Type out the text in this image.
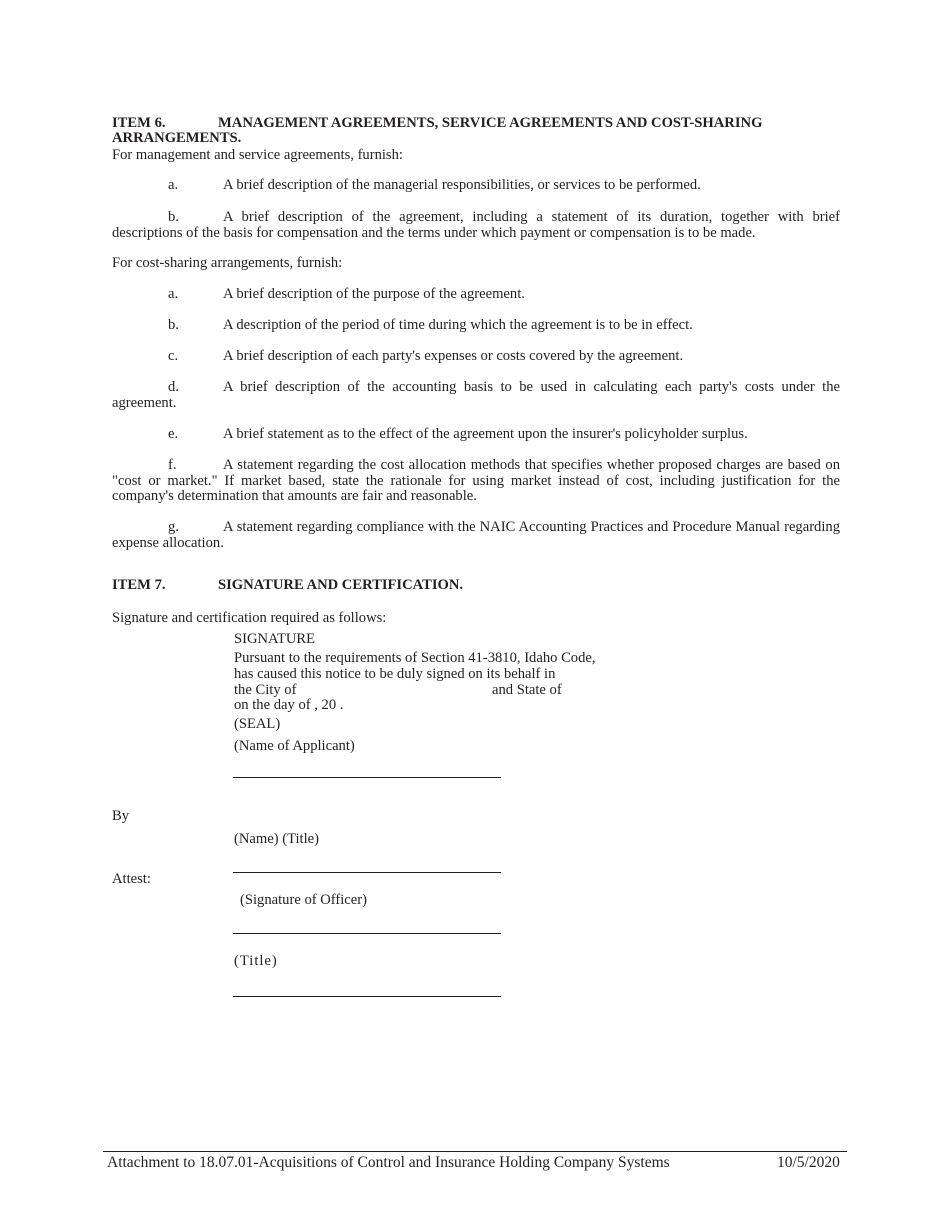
ITEM 6.	MANAGEMENT AGREEMENTS, SERVICE AGREEMENTS AND COST-SHARING
ARRANGEMENTS.
For management and service agreements, furnish:
a.	A brief description of the managerial responsibilities, or services to be performed.
b.	A brief description of the agreement, including a statement of its duration, together with brief descriptions of the basis for compensation and the terms under which payment or compensation is to be made.
For cost-sharing arrangements, furnish:
a.	A brief description of the purpose of the agreement.
b.	A description of the period of time during which the agreement is to be in effect.
c.	A brief description of each party's expenses or costs covered by the agreement.
d.	A brief description of the accounting basis to be used in calculating each party's costs under the agreement.
e.	A brief statement as to the effect of the agreement upon the insurer's policyholder surplus.
f.	A statement regarding the cost allocation methods that specifies whether proposed charges are based on "cost or market." If market based, state the rationale for using market instead of cost, including justification for the company's determination that amounts are fair and reasonable.
g.	A statement regarding compliance with the NAIC Accounting Practices and Procedure Manual regarding expense allocation.
ITEM 7.	SIGNATURE AND CERTIFICATION.
Signature and certification required as follows:
SIGNATURE
Pursuant to the requirements of Section 41-3810, Idaho Code,
has caused this notice to be duly signed on its behalf in
the City of	and State of
on the day of , 20 .
(SEAL)
(Name of Applicant)
By
(Name) (Title)
Attest:
(Signature of Officer)
(Title)
Attachment to 18.07.01-Acquisitions of Control and Insurance Holding Company Systems	10/5/2020
